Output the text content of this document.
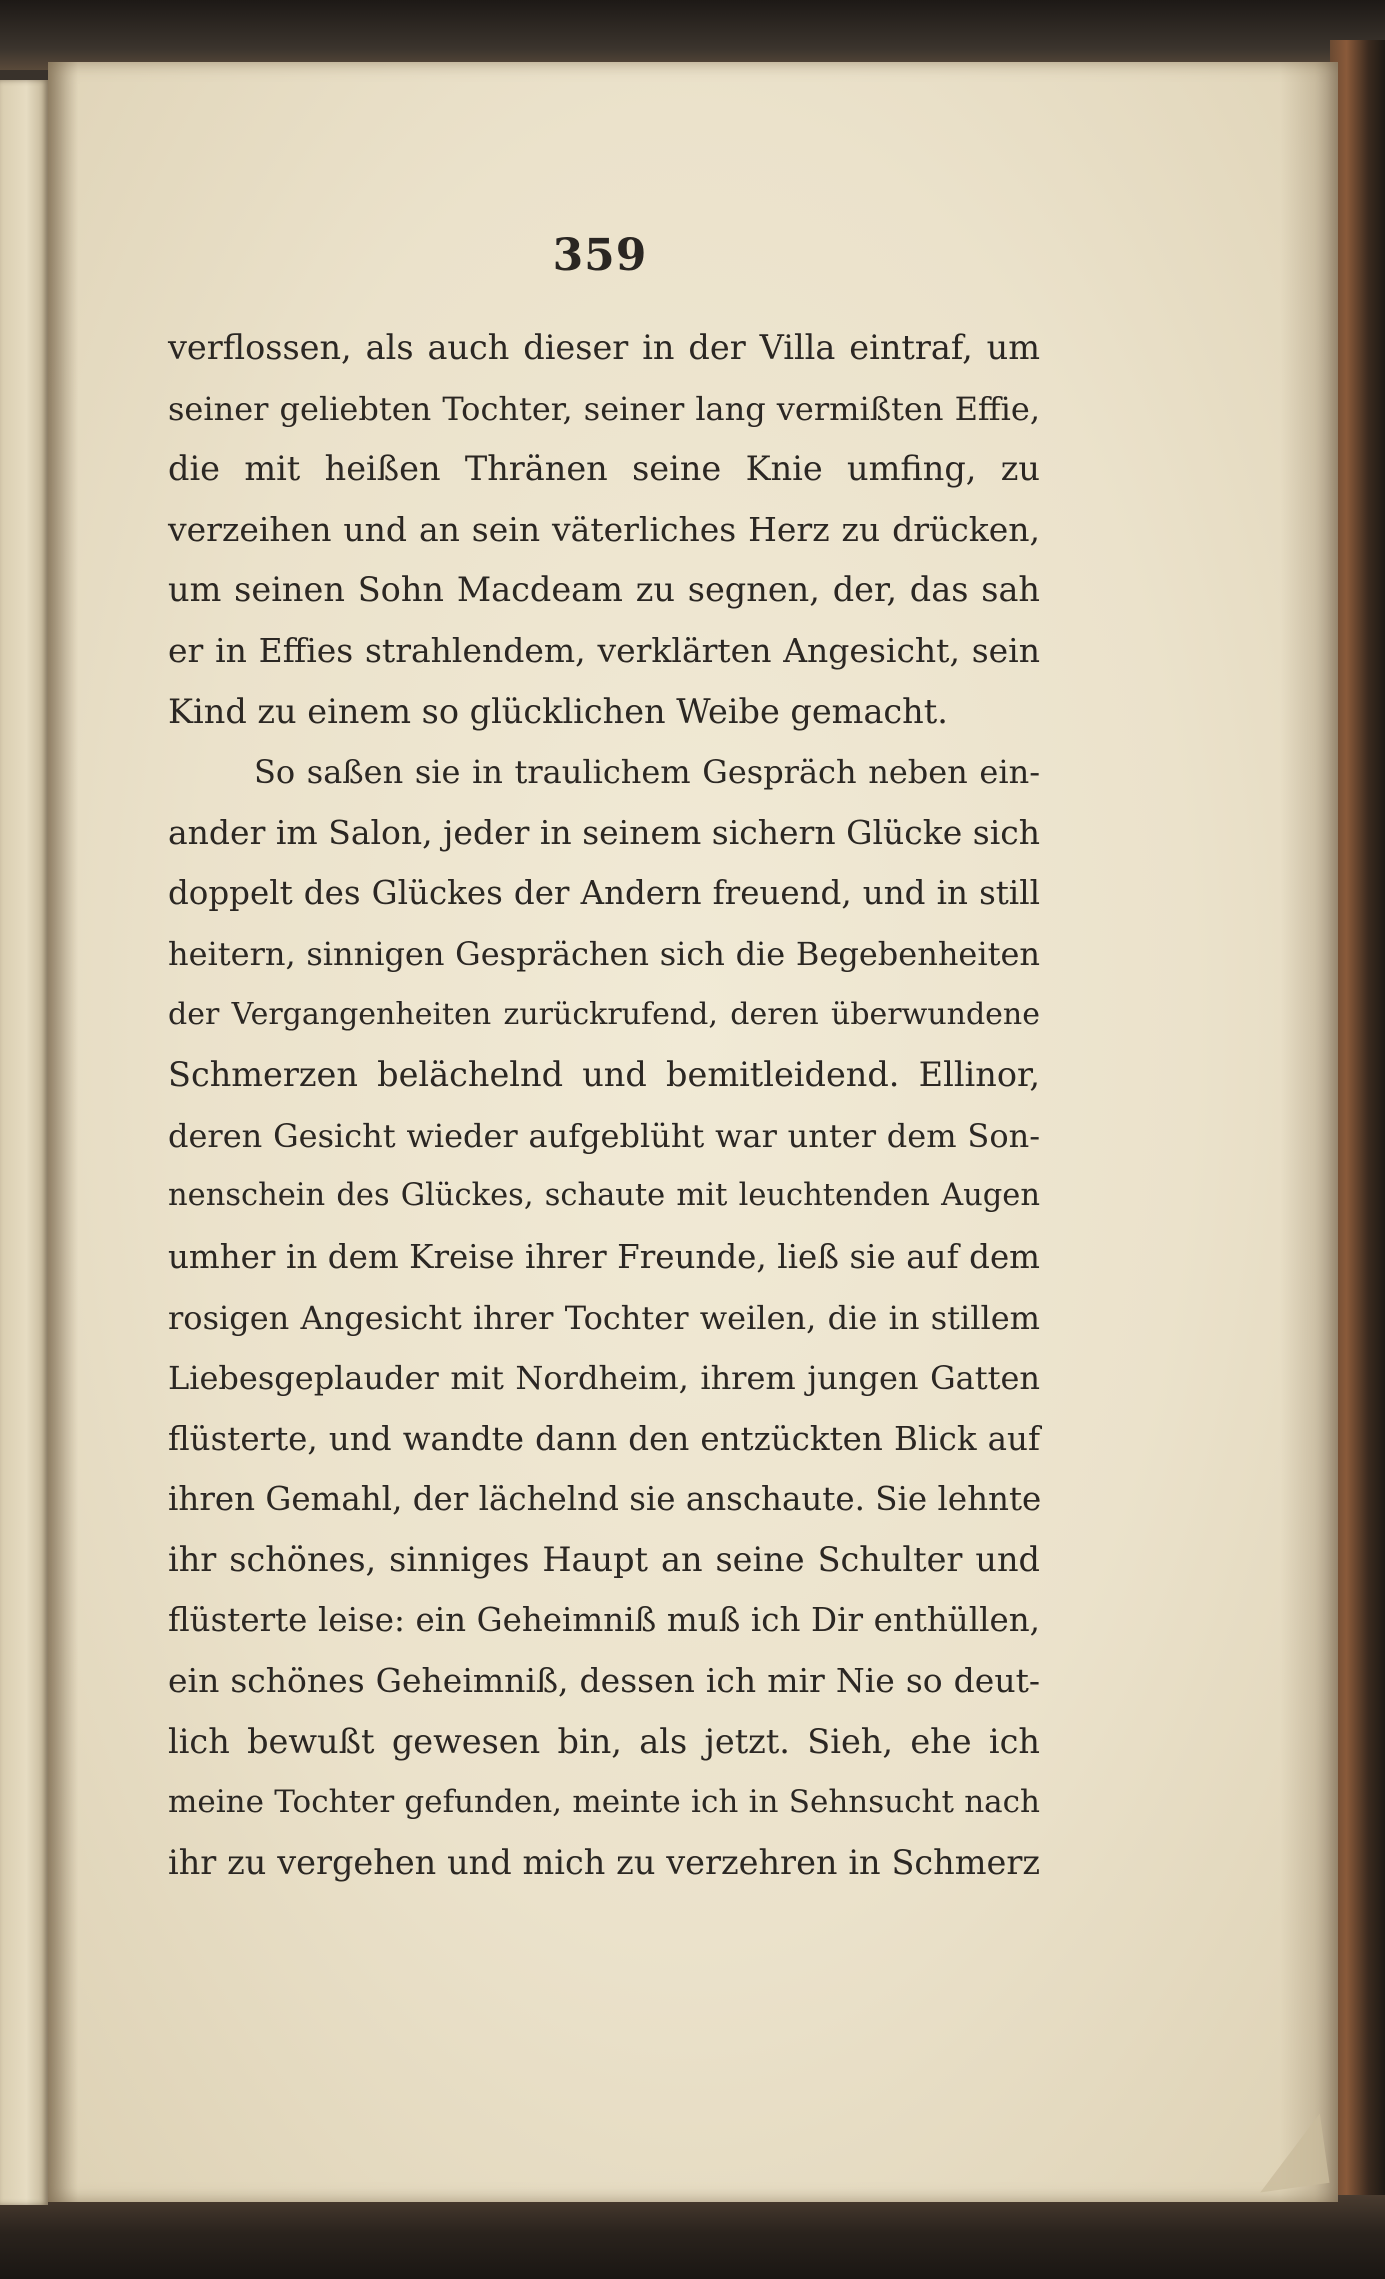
359
verflossen, als auch dieser in der Villa eintraf, um
seiner geliebten Tochter, seiner lang vermißten Effie,
die mit heißen Thränen seine Knie umfing, zu
verzeihen und an sein väterliches Herz zu drücken,
um seinen Sohn Macdeam zu segnen, der, das sah
er in Effies strahlendem, verklärten Angesicht, sein
Kind zu einem so glücklichen Weibe gemacht.
So saßen sie in traulichem Gespräch neben ein-
ander im Salon, jeder in seinem sichern Glücke sich
doppelt des Glückes der Andern freuend, und in still
heitern, sinnigen Gesprächen sich die Begebenheiten
der Vergangenheiten zurückrufend, deren überwundene
Schmerzen belächelnd und bemitleidend. Ellinor,
deren Gesicht wieder aufgeblüht war unter dem Son-
nenschein des Glückes, schaute mit leuchtenden Augen
umher in dem Kreise ihrer Freunde, ließ sie auf dem
rosigen Angesicht ihrer Tochter weilen, die in stillem
Liebesgeplauder mit Nordheim, ihrem jungen Gatten
flüsterte, und wandte dann den entzückten Blick auf
ihren Gemahl, der lächelnd sie anschaute. Sie lehnte
ihr schönes, sinniges Haupt an seine Schulter und
flüsterte leise: ein Geheimniß muß ich Dir enthüllen,
ein schönes Geheimniß, dessen ich mir Nie so deut-
lich bewußt gewesen bin, als jetzt. Sieh, ehe ich
meine Tochter gefunden, meinte ich in Sehnsucht nach
ihr zu vergehen und mich zu verzehren in Schmerz
